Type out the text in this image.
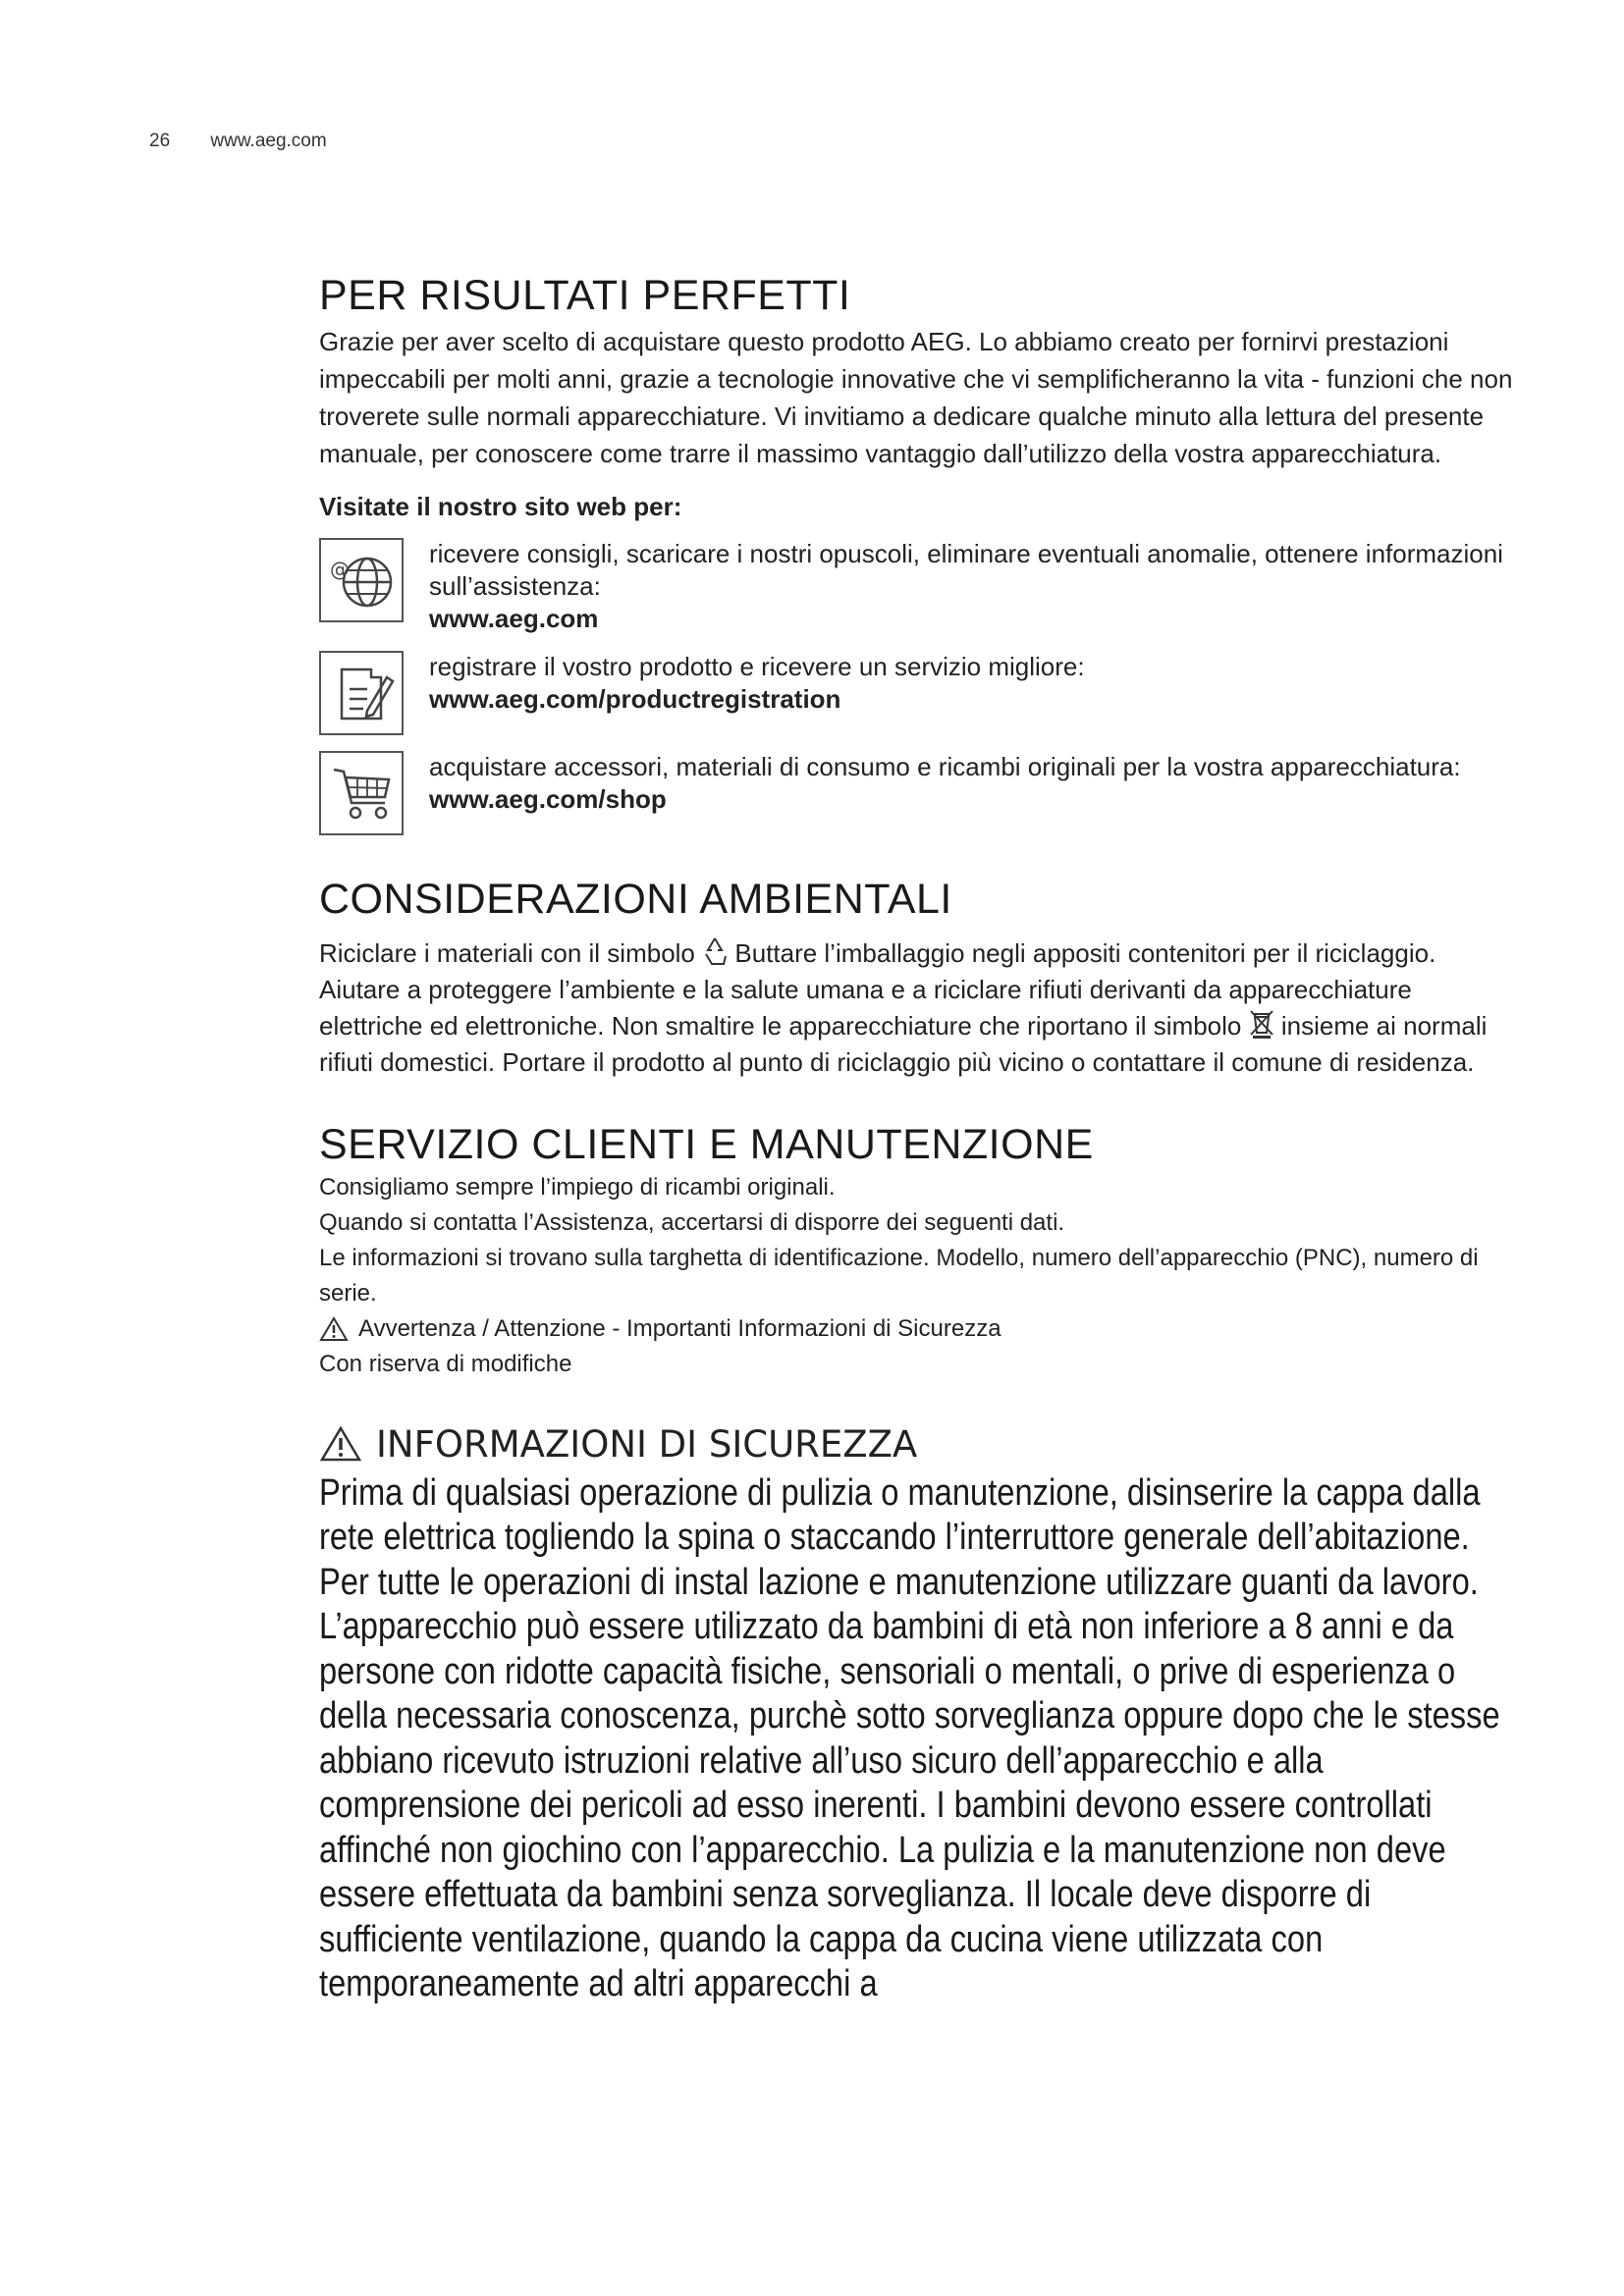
26 www.aeg.com
PER RISULTATI PERFETTI

Grazie per aver scelto di acquistare questo prodotto AEG. Lo abbiamo creato per fornirvi prestazioni impeccabili per molti anni, grazie a tecnologie innovative che vi semplificheranno la vita - funzioni che non troverete sulle normali apparecchiature. Vi invitiamo a dedicare qualche minuto alla lettura del presente manuale, per conoscere come trarre il massimo vantaggio dall’utilizzo della vostra apparecchiatura.

Visitate il nostro sito web per:

@
ricevere consigli, scaricare i nostri opuscoli, eliminare eventuali anomalie, ottenere informazioni sull’assistenza:
www.aeg.com
registrare il vostro prodotto e ricevere un servizio migliore:
www.aeg.com/productregistration
acquistare accessori, materiali di consumo e ricambi originali per la vostra apparecchiatura:
www.aeg.com/shop
CONSIDERAZIONI AMBIENTALI

Riciclare i materiali con il simbolo Buttare l’imballaggio negli appositi contenitori per il riciclaggio. Aiutare a proteggere l’ambiente e la salute umana e a riciclare rifiuti derivanti da apparecchiature elettriche ed elettroniche. Non smaltire le apparecchiature che riportano il simbolo insieme ai normali rifiuti domestici. Portare il prodotto al punto di riciclaggio più vicino o contattare il comune di residenza.

SERVIZIO CLIENTI E MANUTENZIONE

Consigliamo sempre l’impiego di ricambi originali.

Quando si contatta l’Assistenza, accertarsi di disporre dei seguenti dati.

Le informazioni si trovano sulla targhetta di identificazione. Modello, numero dell’apparecchio (PNC), numero di serie.

Avvertenza / Attenzione - Importanti Informazioni di Sicurezza

Con riserva di modifiche

INFORMAZIONI DI SICUREZZA

Prima di qualsiasi operazione di pulizia o manutenzione, disinserire la cappa dalla rete elettrica togliendo la spina o staccando l’interruttore generale dell’abitazione. Per tutte le operazioni di instal lazione e manutenzione utilizzare guanti da lavoro. L’apparecchio può essere utilizzato da bambini di età non inferiore a 8 anni e da persone con ridotte capacità fisiche, sensoriali o mentali, o prive di esperienza o della necessaria conoscenza, purchè sotto sorveglianza oppure dopo che le stesse abbiano ricevuto istruzioni relative all’uso sicuro dell’apparecchio e alla comprensione dei pericoli ad esso inerenti. I bambini devono essere controllati affinché non giochino con l’apparecchio. La pulizia e la manutenzione non deve essere effettuata da bambini senza sorveglianza. Il locale deve disporre di sufficiente ventilazione, quando la cappa da cucina viene utilizzata con temporaneamente ad altri apparecchi a
